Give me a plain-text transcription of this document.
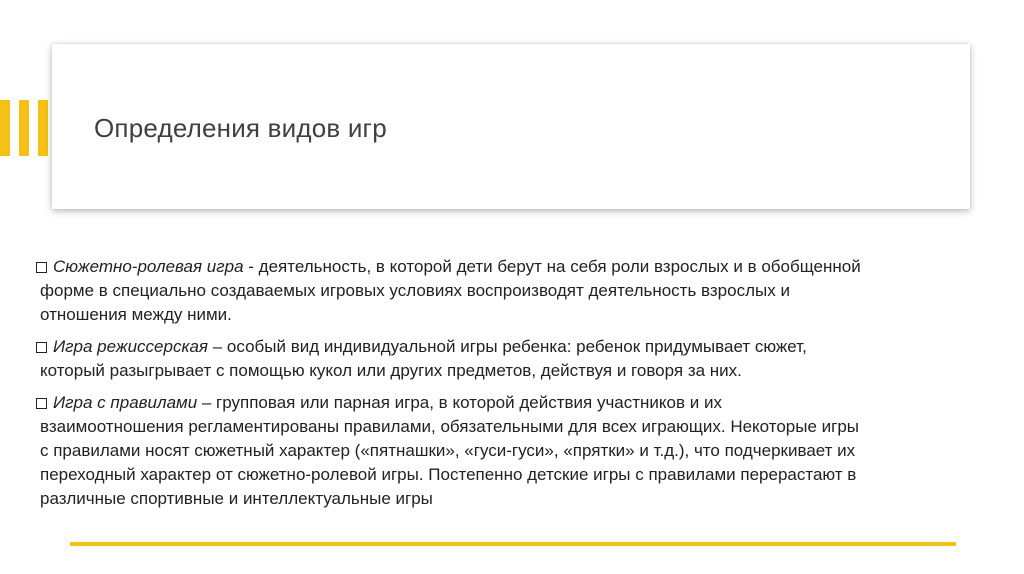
Определения видов игр
Сюжетно-ролевая игра - деятельность, в которой дети берут на себя роли взрослых и в обобщенной
форме в специально создаваемых игровых условиях воспроизводят деятельность взрослых и
отношения между ними.
Игра режиссерская – особый вид индивидуальной игры ребенка: ребенок придумывает сюжет,
который разыгрывает с помощью кукол или других предметов, действуя и говоря за них.
Игра с правилами – групповая или парная игра, в которой действия участников и их
взаимоотношения регламентированы правилами, обязательными для всех играющих. Некоторые игры
с правилами носят сюжетный характер («пятнашки», «гуси-гуси», «прятки» и т.д.), что подчеркивает их
переходный характер от сюжетно-ролевой игры. Постепенно детские игры с правилами перерастают в
различные спортивные и интеллектуальные игры
